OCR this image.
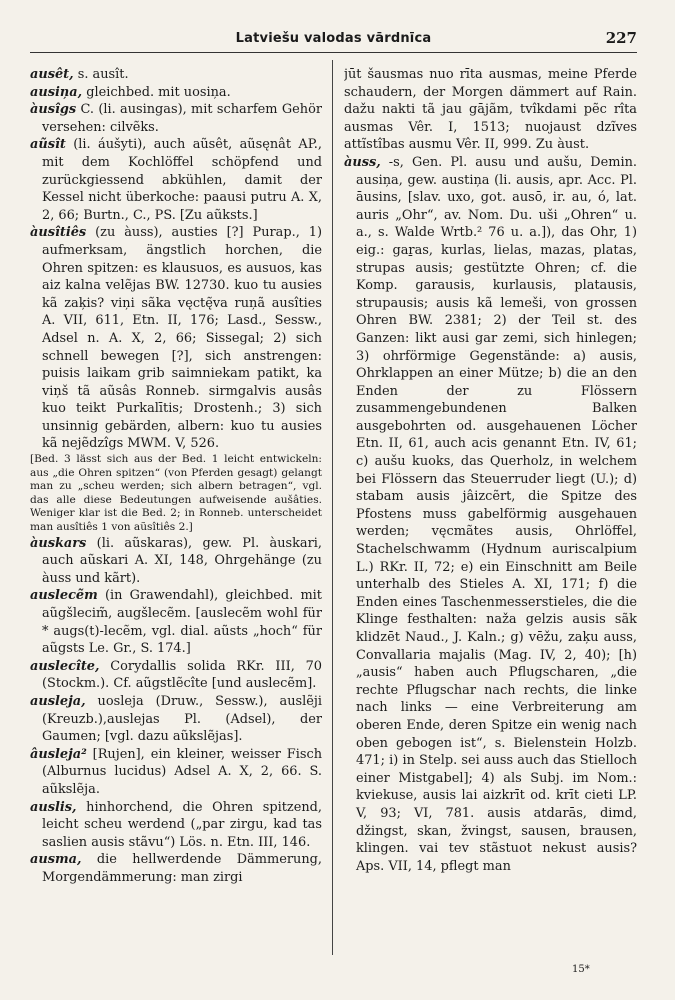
Latviešu valodas vārdnīca	227

ausêt, s. ausît.

ausiņa, gleichbed. mit uosiņa.

àusîgs C. (li. ausingas), mit scharfem Gehör versehen: cilvẽks.

aũsît (li. áušyti), auch aũsêt, aũsęnât AP., mit dem Kochlöffel schöpfend und zurückgiessend abkühlen, damit der Kessel nicht überkoche: paausi putru A. X, 2, 66; Burtn., C., PS. [Zu aũksts.]

àusîtiês (zu àuss), austies [?] Purap., 1) aufmerksam, ängstlich horchen, die Ohren spitzen: es klausuos, es ausuos, kas aiz kalna velẽjas BW. 12730. kuo tu ausies kã zaķis? viņi sãka vęctę̃va ruņã ausîties A. VII, 611, Etn. II, 176; Lasd., Sessw., Adsel n. A. X, 2, 66; Sissegal; 2) sich schnell bewegen [?], sich anstrengen: puisis laikam grib saimniekam patikt, ka viņš tã aũsâs Ronneb. sirmgalvis ausâs kuo teikt Purkalītis; Drostenh.; 3) sich unsinnig gebärden, albern: kuo tu ausies kã nejẽdzîgs MWM. V, 526.

[Bed. 3 lässt sich aus der Bed. 1 leicht entwickeln: aus „die Ohren spitzen“ (von Pferden gesagt) gelangt man zu „scheu werden; sich albern betragen“, vgl. das alle diese Bedeutungen aufweisende aušâties. Weniger klar ist die Bed. 2; in Ronneb. unterscheidet man ausîtiês 1 von aũsîtiês 2.]

àuskars (li. aũskaras), gew. Pl. àuskari, auch aũskari A. XI, 148, Ohrgehänge (zu àuss und kãrt).

auslecẽm (in Grawendahl), gleichbed. mit aũgšlecim̃, augšlecẽm. [auslecẽm wohl für * augs(t)-lecẽm, vgl. dial. aũsts „hoch“ für aũgsts Le. Gr., S. 174.]

auslecîte, Corydallis solida RKr. III, 70 (Stockm.). Cf. aũgstlẽcîte [und auslecẽm].

ausleja, uosleja (Druw., Sessw.), auslẽji (Kreuzb.),auslejas Pl. (Adsel), der Gaumen; [vgl. dazu aũkslẽjas].

âusleja² [Rujen], ein kleiner, weisser Fisch (Alburnus lucidus) Adsel A. X, 2, 66. S. aũkslẽja.

auslis, hinhorchend, die Ohren spitzend, leicht scheu werdend („par zirgu, kad tas saslien ausis stãvu“) Lös. n. Etn. III, 146.

ausma, die hellwerdende Dämmerung, Morgendämmerung: man zirgi

jūt šausmas nuo rīta ausmas, meine Pferde schaudern, der Morgen dämmert auf Rain. dažu nakti tã jau gājãm, tvîkdami pẽc rîta ausmas Vêr. I, 1513; nuojaust dzĩves attĩstîbas ausmu Vêr. II, 999. Zu àust.

àuss, -s, Gen. Pl. ausu und aušu, Demin. ausiņa, gew. austiņa (li. ausis, apr. Acc. Pl. āusins, [slav. uxo, got. ausō, ir. au, ó, lat. auris „Ohr“, av. Nom. Du. uši „Ohren“ u. a., s. Walde Wrtb.² 76 u. a.]), das Ohr, 1) eig.: gaṟas, kurlas, lielas, mazas, platas, strupas ausis; gestützte Ohren; cf. die Komp. garausis, kurlausis, platausis, strupausis; ausis kã lemeši, von grossen Ohren BW. 2381; 2) der Teil st. des Ganzen: likt ausi gar zemi, sich hinlegen; 3) ohrförmige Gegenstände: a) ausis, Ohrklappen an einer Mütze; b) die an den Enden der zu Flössern zusammengebundenen Balken ausgebohrten od. ausgehauenen Löcher Etn. II, 61, auch acis genannt Etn. IV, 61; c) aušu kuoks, das Querholz, in welchem bei Flössern das Steuerruder liegt (U.); d) stabam ausis jâizcẽrt, die Spitze des Pfostens muss gabelförmig ausgehauen werden; vęcmãtes ausis, Ohrlöffel, Stachelschwamm (Hydnum auriscalpium L.) RKr. II, 72; e) ein Einschnitt am Beile unterhalb des Stieles A. XI, 171; f) die Enden eines Taschenmesserstieles, die die Klinge festhalten: naža gelzis ausis sãk klidzēt Naud., J. Kaln.; g) vēžu, zaķu auss, Convallaria majalis (Mag. IV, 2, 40); [h) „ausis“ haben auch Pflugscharen, „die rechte Pflugschar nach rechts, die linke nach links — eine Verbreiterung am oberen Ende, deren Spitze ein wenig nach oben gebogen ist“, s. Bielenstein Holzb. 471; i) in Stelp. sei auss auch das Stielloch einer Mistgabel]; 4) als Subj. im Nom.: kviekuse, ausis lai aizkrīt od. krīt cieti LP. V, 93; VI, 781. ausis atdarās, dimd, džingst, skan, žvingst, sausen, brausen, klingen. vai tev stãstuot nekust ausis? Aps. VII, 14, pflegt man

15*
